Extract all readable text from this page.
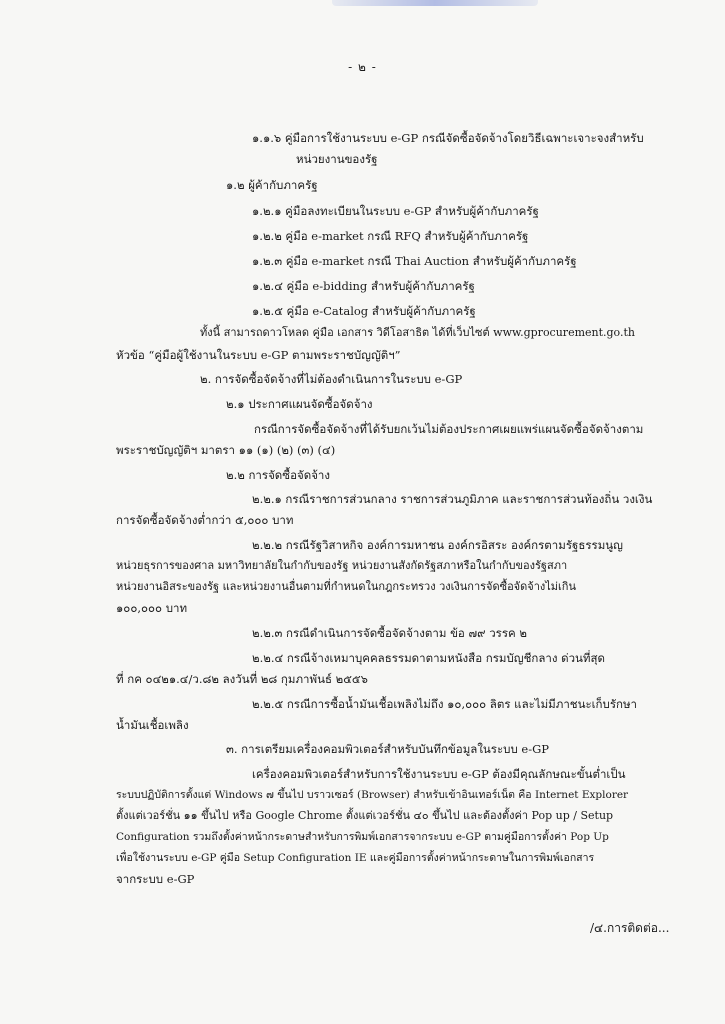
- ๒ -
๑.๑.๖ คู่มือการใช้งานระบบ e-GP กรณีจัดซื้อจัดจ้างโดยวิธีเฉพาะเจาะจงสำหรับ
หน่วยงานของรัฐ
๑.๒ ผู้ค้ากับภาครัฐ
๑.๒.๑ คู่มือลงทะเบียนในระบบ e-GP สำหรับผู้ค้ากับภาครัฐ
๑.๒.๒ คู่มือ e-market กรณี RFQ สำหรับผู้ค้ากับภาครัฐ
๑.๒.๓ คู่มือ e-market กรณี Thai Auction สำหรับผู้ค้ากับภาครัฐ
๑.๒.๔ คู่มือ e-bidding สำหรับผู้ค้ากับภาครัฐ
๑.๒.๕ คู่มือ e-Catalog สำหรับผู้ค้ากับภาครัฐ
ทั้งนี้ สามารถดาวโหลด คู่มือ เอกสาร วิดีโอสาธิต ได้ที่เว็บไซต์ www.gprocurement.go.th
หัวข้อ “คู่มือผู้ใช้งานในระบบ e-GP ตามพระราชบัญญัติฯ”
๒. การจัดซื้อจัดจ้างที่ไม่ต้องดำเนินการในระบบ e-GP
๒.๑ ประกาศแผนจัดซื้อจัดจ้าง
กรณีการจัดซื้อจัดจ้างที่ได้รับยกเว้นไม่ต้องประกาศเผยแพร่แผนจัดซื้อจัดจ้างตาม
พระราชบัญญัติฯ มาตรา ๑๑ (๑) (๒) (๓) (๔)
๒.๒ การจัดซื้อจัดจ้าง
๒.๒.๑ กรณีราชการส่วนกลาง ราชการส่วนภูมิภาค และราชการส่วนท้องถิ่น วงเงิน
การจัดซื้อจัดจ้างต่ำกว่า ๕,๐๐๐ บาท
๒.๒.๒ กรณีรัฐวิสาหกิจ องค์การมหาชน องค์กรอิสระ องค์กรตามรัฐธรรมนูญ
หน่วยธุรการของศาล มหาวิทยาลัยในกำกับของรัฐ หน่วยงานสังกัดรัฐสภาหรือในกำกับของรัฐสภา
หน่วยงานอิสระของรัฐ และหน่วยงานอื่นตามที่กำหนดในกฎกระทรวง วงเงินการจัดซื้อจัดจ้างไม่เกิน
๑๐๐,๐๐๐ บาท
๒.๒.๓ กรณีดำเนินการจัดซื้อจัดจ้างตาม ข้อ ๗๙ วรรค ๒
๒.๒.๔ กรณีจ้างเหมาบุคคลธรรมดาตามหนังสือ กรมบัญชีกลาง ด่วนที่สุด
ที่ กค ๐๔๒๑.๔/ว.๘๒ ลงวันที่ ๒๘ กุมภาพันธ์ ๒๕๕๖
๒.๒.๕ กรณีการซื้อน้ำมันเชื้อเพลิงไม่ถึง ๑๐,๐๐๐ ลิตร และไม่มีภาชนะเก็บรักษา
น้ำมันเชื้อเพลิง
๓. การเตรียมเครื่องคอมพิวเตอร์สำหรับบันทึกข้อมูลในระบบ e-GP
เครื่องคอมพิวเตอร์สำหรับการใช้งานระบบ e-GP ต้องมีคุณลักษณะขั้นต่ำเป็น
ระบบปฏิบัติการตั้งแต่ Windows ๗ ขึ้นไป บราวเซอร์ (Browser) สำหรับเข้าอินเทอร์เน็ต คือ Internet Explorer
ตั้งแต่เวอร์ชั่น ๑๑ ขึ้นไป หรือ Google Chrome ตั้งแต่เวอร์ชั่น ๔๐ ขึ้นไป และต้องตั้งค่า Pop up / Setup
Configuration รวมถึงตั้งค่าหน้ากระดาษสำหรับการพิมพ์เอกสารจากระบบ e-GP ตามคู่มือการตั้งค่า Pop Up
เพื่อใช้งานระบบ e-GP คู่มือ Setup Configuration IE และคู่มือการตั้งค่าหน้ากระดาษในการพิมพ์เอกสาร
จากระบบ e-GP
/๔.การติดต่อ...
